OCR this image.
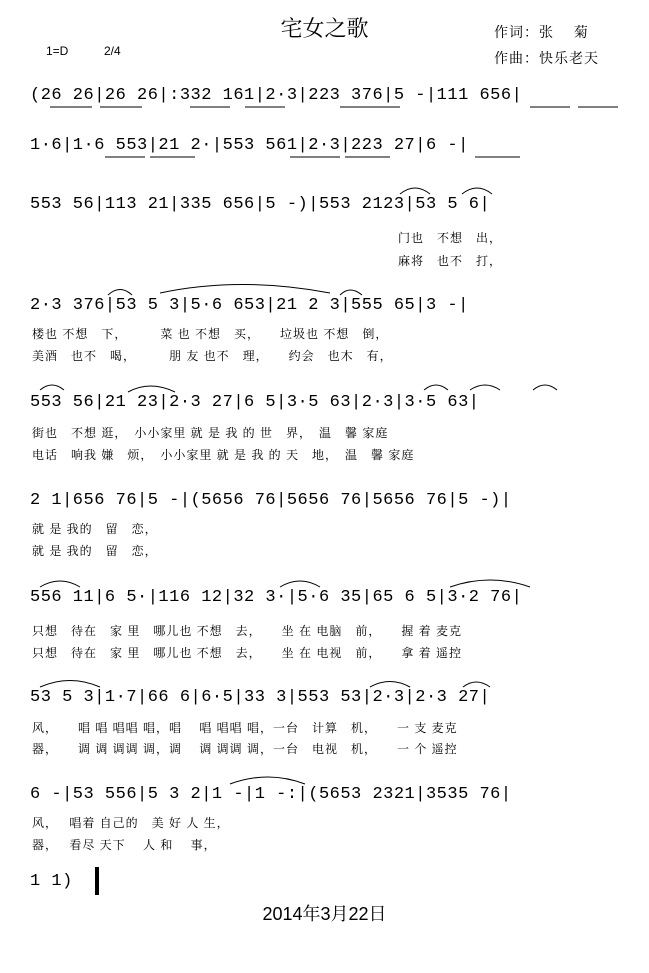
宅女之歌	作词：张　 菊
作曲：快乐老天
1=D	2/4
(26 26|26 26|:332 161|2·3|223 376|5 -|111 656|
1·6|1·6 553|21 2·|553 561|2·3|223 27|6 -|
553 56|113 21|335 656|5 -)|553 2123|53 5 6|
门也　不想　出，
麻将　也不　打，
2·3 376|53 5 3|5·6 653|21 2 3|555 65|3 -|
楼也 不想　下，　　　菜 也 不想　买，　　垃圾也 不想　倒，
美酒　也不　喝，　　　朋 友 也不　理，　　约会　也木　有，
553 56|21 23|2·3 27|6 5|3·5 63|2·3|3·5 63|
街也　不想 逛，　小小家里 就 是 我 的 世　界，　温　馨 家庭
电话　响我 嫌　烦，　小小家里 就 是 我 的 天　地，　温　馨 家庭
2 1|656 76|5 -|(5656 76|5656 76|5656 76|5 -)|
就 是 我的　留　恋，
就 是 我的　留　恋，
556 11|6 5·|116 12|32 3·|5·6 35|65 6 5|3·2 76|
只想　待在　家 里　哪儿也 不想　去，　　坐 在 电脑　前，　　握 着 麦克
只想　待在　家 里　哪儿也 不想　去，　　坐 在 电视　前，　　拿 着 遥控
53 5 3|1·7|66 6|6·5|33 3|553 53|2·3|2·3 27|
风，　　唱 唱 唱唱 唱，唱　 唱 唱唱 唱，一台　计算　机，　　一 支 麦克
器，　　调 调 调调 调，调　 调 调调 调，一台　电视　机，　　一 个 遥控
6 -|53 556|5 3 2|1 -|1 -:|(5653 2321|3535 76|
风，　 唱着 自己的　美 好 人 生，
器，　 看尽 天下　 人 和　 事，
1 1)
2014年3月22日
